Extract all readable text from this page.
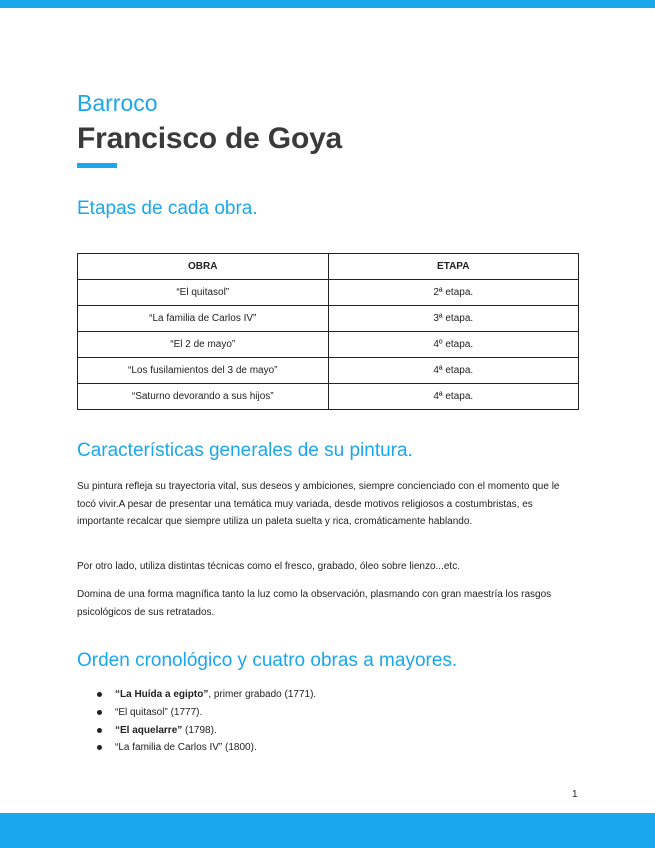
Barroco
Francisco de Goya
Etapas de cada obra.
OBRA	ETAPA
“El quitasol”	2ª etapa.
“La familia de Carlos IV”	3ª etapa.
“El 2 de mayo”	4º etapa.
“Los fusilamientos del 3 de mayo”	4ª etapa.
“Saturno devorando a sus hijos”	4ª etapa.
Características generales de su pintura.

Su pintura refleja su trayectoria vital, sus deseos y ambiciones, siempre concienciado con el momento que le tocó vivir.A pesar de presentar una temática muy variada, desde motivos religiosos a costumbristas, es importante recalcar que siempre utiliza un paleta suelta y rica, cromáticamente hablando.

Por otro lado, utiliza distintas técnicas como el fresco, grabado, óleo sobre lienzo...etc.

Domina de una forma magnífica tanto la luz como la observación, plasmando con gran maestría los rasgos psicológicos de sus retratados.

Orden cronológico y cuatro obras a mayores.
“La Huída a egipto”, primer grabado (1771).
“El quitasol” (1777).
“El aquelarre” (1798).
“La familia de Carlos IV” (1800).
1
